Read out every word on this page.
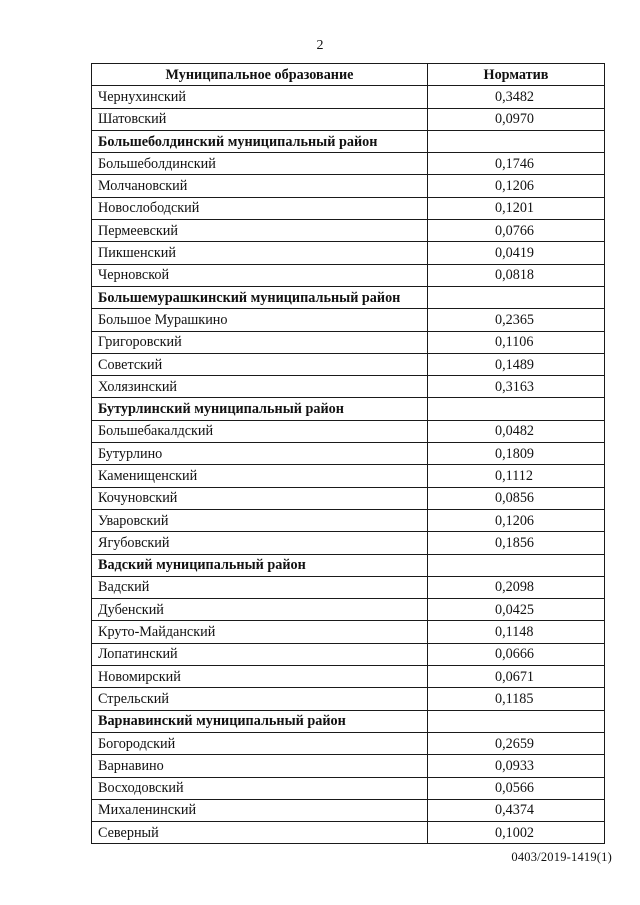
2
Муниципальное образование	Норматив
Чернухинский	0,3482
Шатовский	0,0970
Большеболдинский муниципальный район	
Большеболдинский	0,1746
Молчановский	0,1206
Новослободский	0,1201
Пермеевский	0,0766
Пикшенский	0,0419
Черновской	0,0818
Большемурашкинский муниципальный район	
Большое Мурашкино	0,2365
Григоровский	0,1106
Советский	0,1489
Холязинский	0,3163
Бутурлинский муниципальный район	
Большебакалдский	0,0482
Бутурлино	0,1809
Каменищенский	0,1112
Кочуновский	0,0856
Уваровский	0,1206
Ягубовский	0,1856
Вадский муниципальный район	
Вадский	0,2098
Дубенский	0,0425
Круто-Майданский	0,1148
Лопатинский	0,0666
Новомирский	0,0671
Стрельский	0,1185
Варнавинский муниципальный район	
Богородский	0,2659
Варнавино	0,0933
Восходовский	0,0566
Михаленинский	0,4374
Северный	0,1002
0403/2019-1419(1)
